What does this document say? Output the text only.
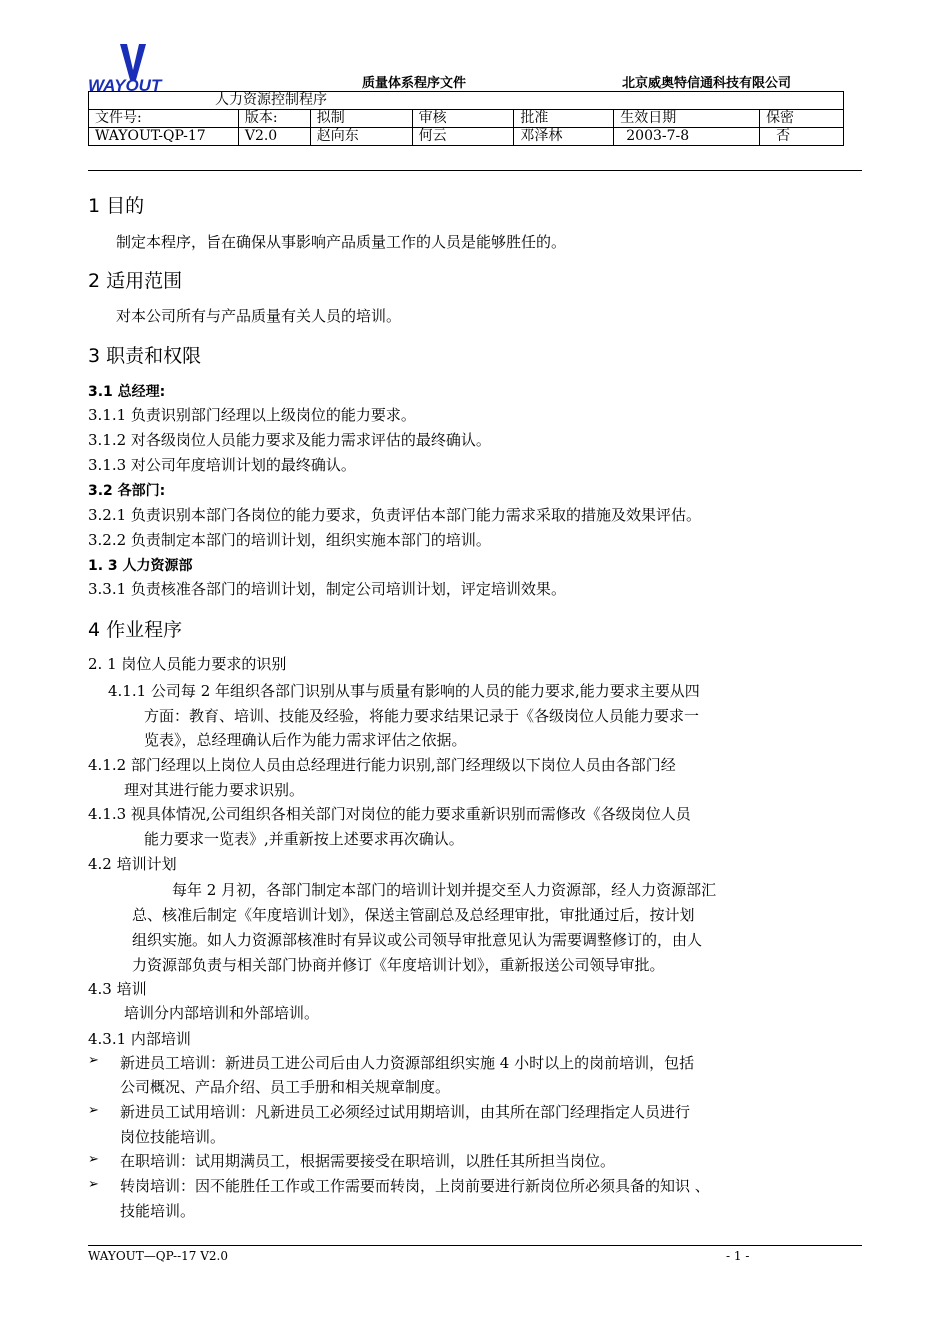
WAYOUT	质量体系程序文件	北京威奥特信通科技有限公司
人力资源控制程序						
文件号:	版本:	拟制	审核	批准	生效日期	保密
WAYOUT-QP-17	V2.0	赵向东	何云	邓泽林	2003-7-8	否
1 目的
制定本程序，旨在确保从事影响产品质量工作的人员是能够胜任的。
2 适用范围
对本公司所有与产品质量有关人员的培训。
3 职责和权限
3.1 总经理:
3.1.1 负责识别部门经理以上级岗位的能力要求。
3.1.2 对各级岗位人员能力要求及能力需求评估的最终确认。
3.1.3 对公司年度培训计划的最终确认。
3.2 各部门:
3.2.1 负责识别本部门各岗位的能力要求，负责评估本部门能力需求采取的措施及效果评估。
3.2.2 负责制定本部门的培训计划，组织实施本部门的培训。
1. 3 人力资源部
3.3.1 负责核准各部门的培训计划，制定公司培训计划，评定培训效果。
4 作业程序
2. 1 岗位人员能力要求的识别
4.1.1 公司每 2 年组织各部门识别从事与质量有影响的人员的能力要求,能力要求主要从四
方面：教育、培训、技能及经验，将能力要求结果记录于《各级岗位人员能力要求一
览表》，总经理确认后作为能力需求评估之依据。
4.1.2 部门经理以上岗位人员由总经理进行能力识别,部门经理级以下岗位人员由各部门经
理对其进行能力要求识别。
4.1.3 视具体情况,公司组织各相关部门对岗位的能力要求重新识别而需修改《各级岗位人员
能力要求一览表》,并重新按上述要求再次确认。
4.2 培训计划
每年 2 月初，各部门制定本部门的培训计划并提交至人力资源部，经人力资源部汇
总、核准后制定《年度培训计划》，保送主管副总及总经理审批，审批通过后，按计划
组织实施。如人力资源部核准时有异议或公司领导审批意见认为需要调整修订的，由人
力资源部负责与相关部门协商并修订《年度培训计划》，重新报送公司领导审批。
4.3 培训
培训分内部培训和外部培训。
4.3.1 内部培训
➢ 新进员工培训：新进员工进公司后由人力资源部组织实施 4 小时以上的岗前培训，包括
公司概况、产品介绍、员工手册和相关规章制度。
➢ 新进员工试用培训：凡新进员工必须经过试用期培训，由其所在部门经理指定人员进行
岗位技能培训。
➢ 在职培训：试用期满员工，根据需要接受在职培训，以胜任其所担当岗位。
➢ 转岗培训：因不能胜任工作或工作需要而转岗，上岗前要进行新岗位所必须具备的知识 、
技能培训。
WAYOUT—QP--17 V2.0	- 1 -
